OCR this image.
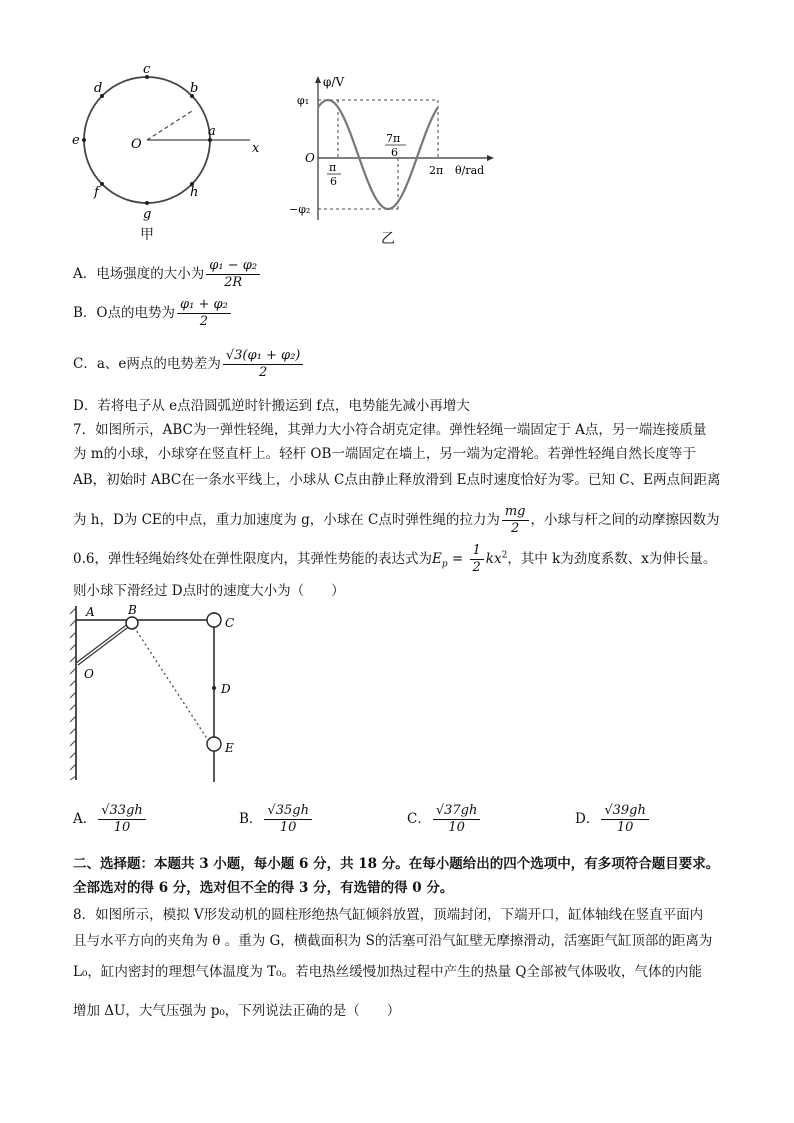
c
b
d
a
e	O	x
f	h
g
甲
φ/V
φ₁
O
π
6
7π
6
2π θ/rad
−φ₂
乙
A．电场强度的大小为 $\frac{\text{φ₁ − φ₂}}{2R}$
B．O点的电势为 $\frac{\text{φ₁ + φ₂}}{2}$
C．a、e两点的电势差为 $\frac{\text{√3(φ₁ + φ₂)}}{2}$
D．若将电子从 e点沿圆弧逆时针搬运到 f点，电势能先减小再增大
7．如图所示，ABC为一弹性轻绳，其弹力大小符合胡克定律。弹性轻绳一端固定于 A点，另一端连接质量
为 m的小球，小球穿在竖直杆上。轻杆 OB一端固定在墙上，另一端为定滑轮。若弹性轻绳自然长度等于
AB，初始时 ABC在一条水平线上，小球从 C点由静止释放滑到 E点时速度恰好为零。已知 C、E两点间距离
为 h，D为 CE的中点，重力加速度为 g，小球在 C点时弹性绳的拉力为 $\frac{mg}{2}$ ，小球与杆之间的动摩擦因数为
0.6，弹性轻绳始终处在弹性限度内，其弹性势能的表达式为$E_p = \frac{1}{2} kx^2$，其中 k为劲度系数、x为伸长量。
则小球下滑经过 D点时的速度大小为（　　）
A	B
C
O
D
E
A． $\frac{√33gh}{10}$	B． $\frac{√35gh}{10}$	C． $\frac{√37gh}{10}$	D． $\frac{√39gh}{10}$
二、选择题：本题共 3 小题，每小题 6 分，共 18 分。在每小题给出的四个选项中，有多项符合题目要求。
全部选对的得 6 分，选对但不全的得 3 分，有选错的得 0 分。
8．如图所示，模拟 V形发动机的圆柱形绝热气缸倾斜放置，顶端封闭，下端开口，缸体轴线在竖直平面内
且与水平方向的夹角为 θ 。重为 G，横截面积为 S的活塞可沿气缸壁无摩擦滑动，活塞距气缸顶部的距离为
L₀，缸内密封的理想气体温度为 T₀。若电热丝缓慢加热过程中产生的热量 Q全部被气体吸收，气体的内能
增加 ΔU，大气压强为 p₀，下列说法正确的是（　　）
